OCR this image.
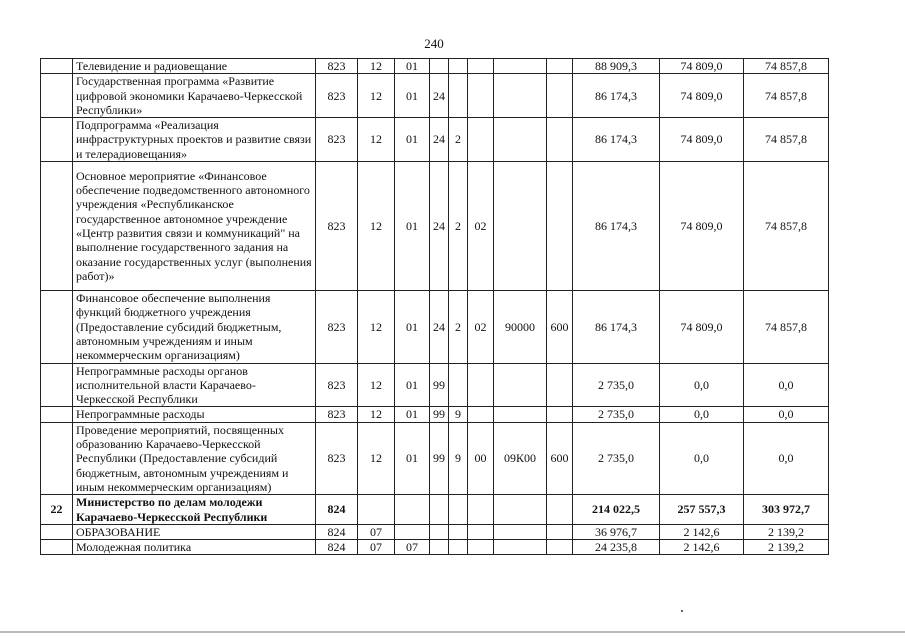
240
	Телевидение и радиовещание	823	12	01						88 909,3	74 809,0	74 857,8
	Государственная программа «Развитие цифровой экономики Карачаево-Черкесской Республики»	823	12	01	24					86 174,3	74 809,0	74 857,8
	Подпрограмма «Реализация инфраструктурных проектов и развитие связи и телерадиовещания»	823	12	01	24	2				86 174,3	74 809,0	74 857,8
	Основное мероприятие «Финансовое обеспечение подведомственного автономного учреждения «Республиканское государственное автономное учреждение «Центр развития связи и коммуникаций" на выполнение государственного задания на оказание государственных услуг (выполнения работ)»	823	12	01	24	2	02			86 174,3	74 809,0	74 857,8
	Финансовое обеспечение выполнения функций бюджетного учреждения (Предоставление субсидий бюджетным, автономным учреждениям и иным некоммерческим организациям)	823	12	01	24	2	02	90000	600	86 174,3	74 809,0	74 857,8
	Непрограммные расходы органов исполнительной власти Карачаево-Черкесской Республики	823	12	01	99					2 735,0	0,0	0,0
	Непрограммные расходы	823	12	01	99	9				2 735,0	0,0	0,0
	Проведение мероприятий, посвященных образованию Карачаево-Черкесской Республики (Предоставление субсидий бюджетным, автономным учреждениям и иным некоммерческим организациям)	823	12	01	99	9	00	09К00	600	2 735,0	0,0	0,0
22	Министерство по делам молодежи Карачаево-Черкесской Республики	824								214 022,5	257 557,3	303 972,7
	ОБРАЗОВАНИЕ	824	07							36 976,7	2 142,6	2 139,2
	Молодежная политика	824	07	07						24 235,8	2 142,6	2 139,2
